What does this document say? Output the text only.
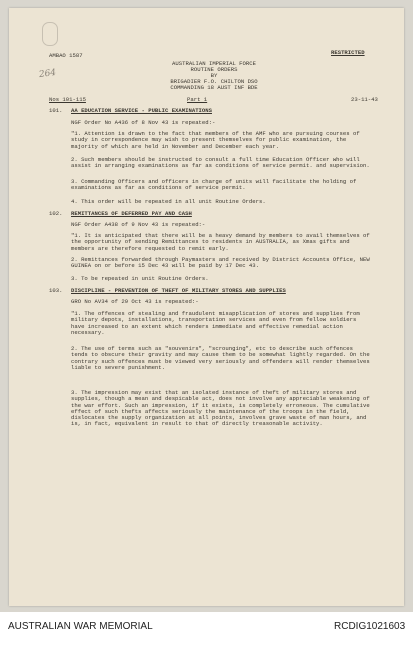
264
AMBAO 1587	RESTRICTED
AUSTRALIAN IMPERIAL FORCE
ROUTINE ORDERS
BY
BRIGADIER F.O. CHILTON DSO
COMMANDING 18 AUST INF BDE
Nos 101-115	Part 1	23-11-43
101. AA EDUCATION SERVICE - PUBLIC EXAMINATIONS
NGF Order No A436 of 8 Nov 43 is repeated:-
"1. Attention is drawn to the fact that members of the AMF who are pursuing courses of study in correspondence may wish to present themselves for public examination, the majority of which are held in November and December each year.
2. Such members should be instructed to consult a full time Education Officer who will assist in arranging examinations as far as conditions of service permit. and supervision.
3. Commanding Officers and officers in charge of units will facilitate the holding of examinations as far as conditions of service permit.
4. This order will be repeated in all unit Routine Orders.
102. REMITTANCES OF DEFERRED PAY AND CASH
NGF Order A438 of 9 Nov 43 is repeated:-
"1. It is anticipated that there will be a heavy demand by members to avail themselves of the opportunity of sending Remittances to residents in AUSTRALIA, as Xmas gifts and members are therefore requested to remit early.
2. Remittances forwarded through Paymasters and received by District Accounts Office, NEW GUINEA on or before 15 Dec 43 will be paid by 17 Dec 43.
3. To be repeated in unit Routine Orders.
103. DISCIPLINE - PREVENTION OF THEFT OF MILITARY STORES AND SUPPLIES
GRO No AV34 of 29 Oct 43 is repeated:-
"1. The offences of stealing and fraudulent misapplication of stores and supplies from military depots, installations, transportation services and even from fellow soldiers have increased to an extent which renders immediate and effective remedial action necessary.
2. The use of terms such as "souvenirs", "scrounging", etc to describe such offences tends to obscure their gravity and may cause them to be somewhat lightly regarded. On the contrary such offences must be viewed very seriously and offenders will render themselves liable to severe punishment.
3. The impression may exist that an isolated instance of theft of military stores and supplies, though a mean and despicable act, does not involve any appreciable weakening of the war effort. Such an impression, if it exists, is completely erroneous. The cumulative effect of such thefts affects seriously the maintenance of the troops in the field, dislocates the supply organization at all points, involves grave waste of man hours, and is, in fact, equivalent in result to that of directly treasonable activity.
AUSTRALIAN WAR MEMORIAL	RCDIG1021603
